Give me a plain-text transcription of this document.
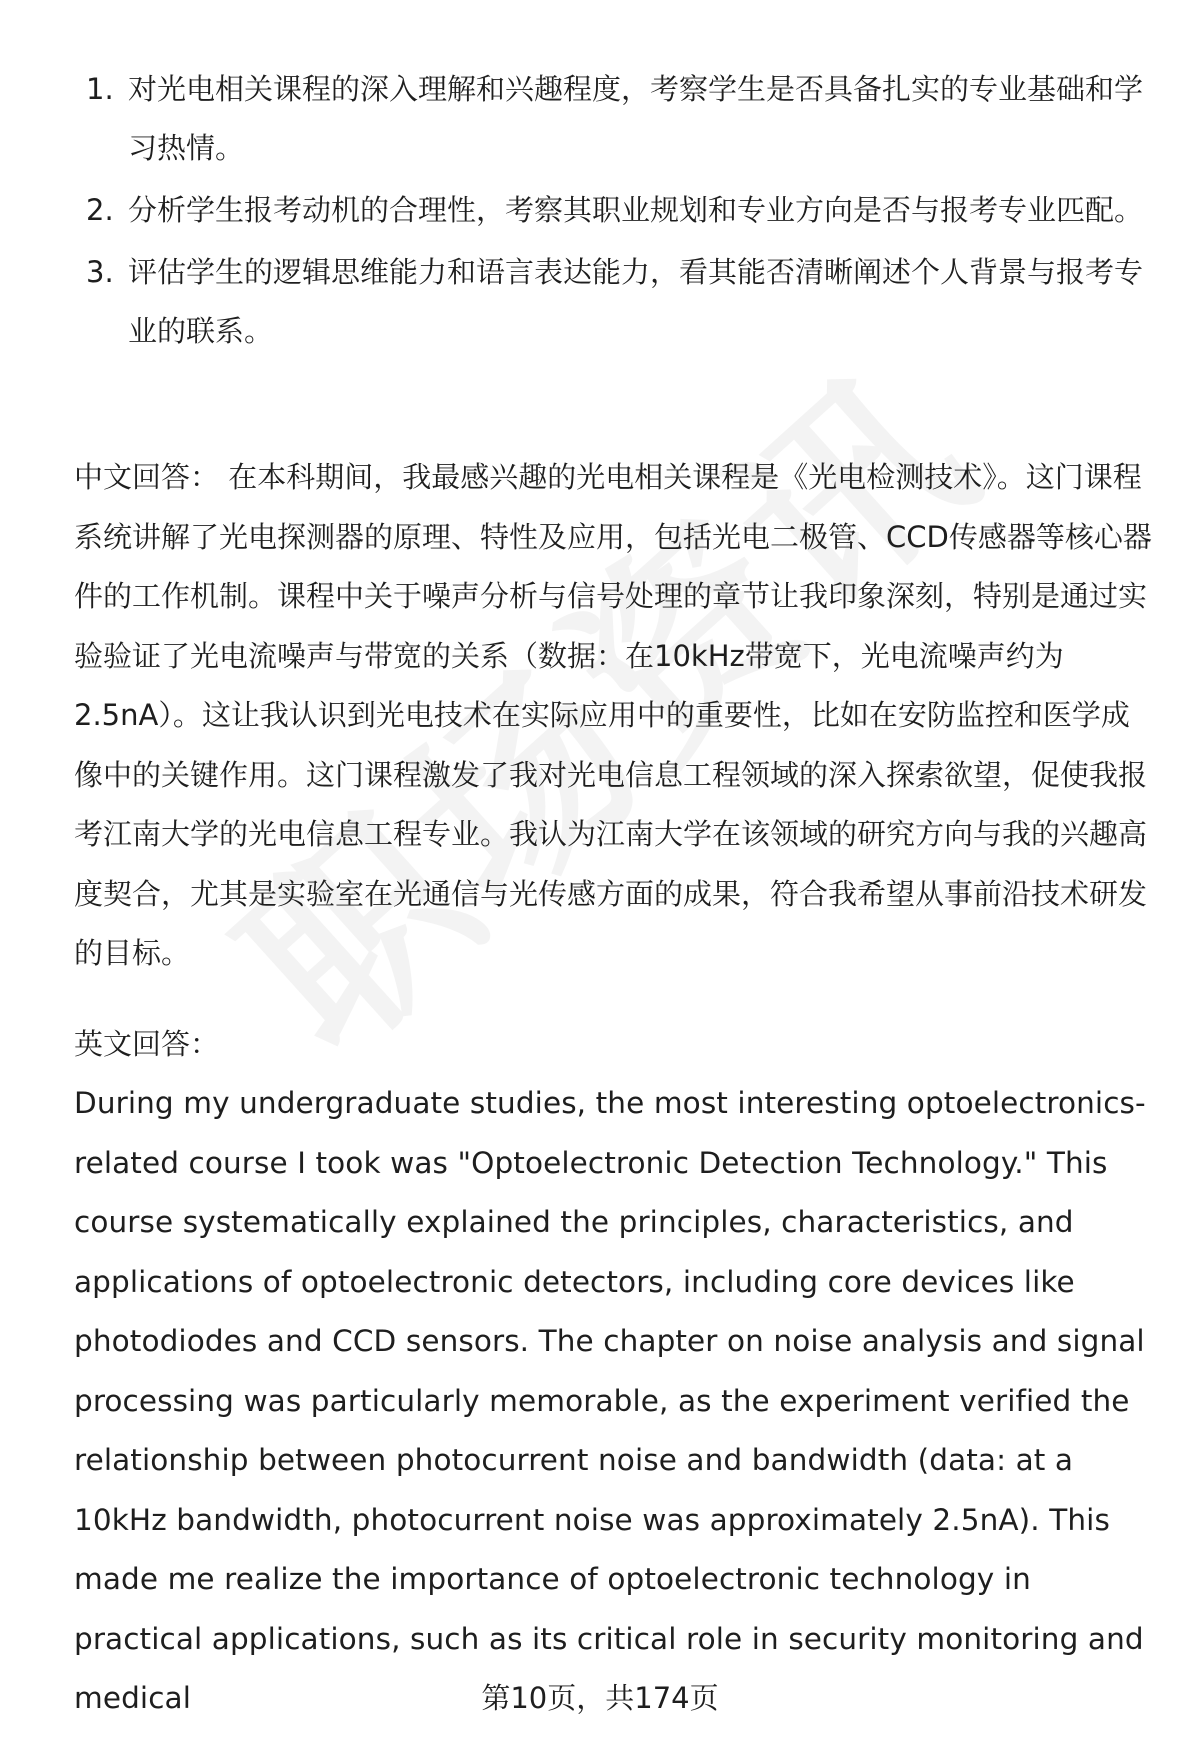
1. 对光电相关课程的深入理解和兴趣程度，考察学生是否具备扎实的专业基础和学习热情。
2. 分析学生报考动机的合理性，考察其职业规划和专业方向是否与报考专业匹配。
3. 评估学生的逻辑思维能力和语言表达能力，看其能否清晰阐述个人背景与报考专业的联系。

中文回答： 在本科期间，我最感兴趣的光电相关课程是《光电检测技术》。这门课程系统讲解了光电探测器的原理、特性及应用，包括光电二极管、CCD传感器等核心器件的工作机制。课程中关于噪声分析与信号处理的章节让我印象深刻，特别是通过实验验证了光电流噪声与带宽的关系（数据：在10kHz带宽下，光电流噪声约为2.5nA）。这让我认识到光电技术在实际应用中的重要性，比如在安防监控和医学成像中的关键作用。这门课程激发了我对光电信息工程领域的深入探索欲望，促使我报考江南大学的光电信息工程专业。我认为江南大学在该领域的研究方向与我的兴趣高度契合，尤其是实验室在光通信与光传感方面的成果，符合我希望从事前沿技术研发的目标。

英文回答：

During my undergraduate studies, the most interesting optoelectronics-related course I took was "Optoelectronic Detection Technology." This course systematically explained the principles, characteristics, and applications of optoelectronic detectors, including core devices like photodiodes and CCD sensors. The chapter on noise analysis and signal processing was particularly memorable, as the experiment verified the relationship between photocurrent noise and bandwidth (data: at a 10kHz bandwidth, photocurrent noise was approximately 2.5nA). This made me realize the importance of optoelectronic technology in practical applications, such as its critical role in security monitoring and medical	第10页，共174页
